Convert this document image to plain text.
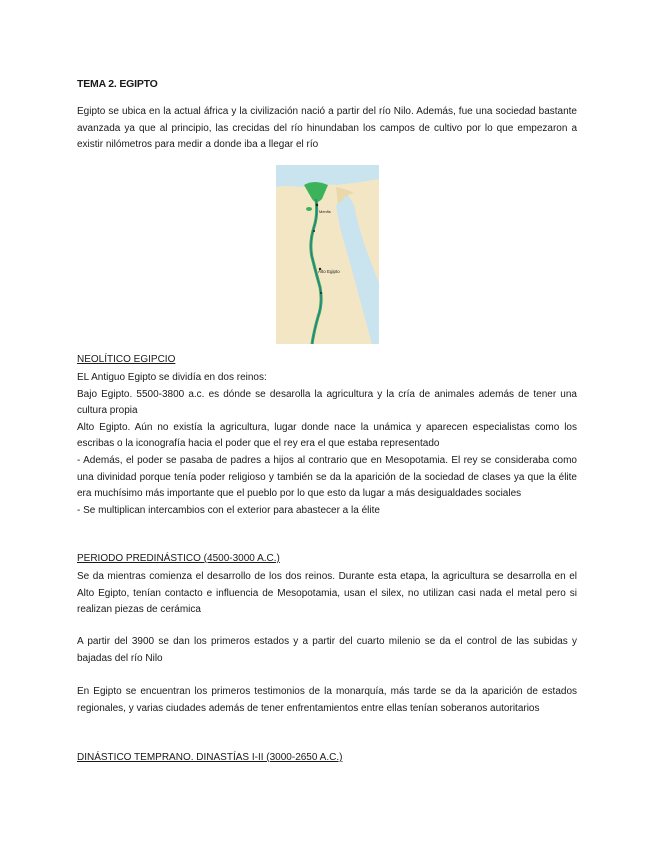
TEMA 2. EGIPTO

Egipto se ubica en la actual áfrica y la civilización nació a partir del río Nilo. Además, fue una sociedad bastante avanzada ya que al principio, las crecidas del río hinundaban los campos de cultivo por lo que empezaron a existir nilómetros para medir a donde iba a llegar el río

Menfis
Alto Egipto
NEOLÍTICO EGIPCIO

EL Antiguo Egipto se dividía en dos reinos:

Bajo Egipto. 5500-3800 a.c. es dónde se desarolla la agricultura y la cría de animales además de tener una cultura propia

Alto Egipto. Aún no existía la agricultura, lugar donde nace la unámica y aparecen especialistas como los escribas o la iconografía hacia el poder que el rey era el que estaba representado

- Además, el poder se pasaba de padres a hijos al contrario que en Mesopotamia. El rey se consideraba como una divinidad porque tenía poder religioso y también se da la aparición de la sociedad de clases ya que la élite era muchísimo más importante que el pueblo por lo que esto da lugar a más desigualdades sociales

- Se multiplican intercambios con el exterior para abastecer a la élite

PERIODO PREDINÁSTICO (4500-3000 A.C.)

Se da mientras comienza el desarrollo de los dos reinos. Durante esta etapa, la agricultura se desarrolla en el Alto Egipto, tenían contacto e influencia de Mesopotamia, usan el silex, no utilizan casi nada el metal pero si realizan piezas de cerámica

A partir del 3900 se dan los primeros estados y a partir del cuarto milenio se da el control de las subidas y bajadas del río Nilo

En Egipto se encuentran los primeros testimonios de la monarquía, más tarde se da la aparición de estados regionales, y varias ciudades además de tener enfrentamientos entre ellas tenían soberanos autoritarios

DINÁSTICO TEMPRANO. DINASTÍAS I-II (3000-2650 A.C.)
